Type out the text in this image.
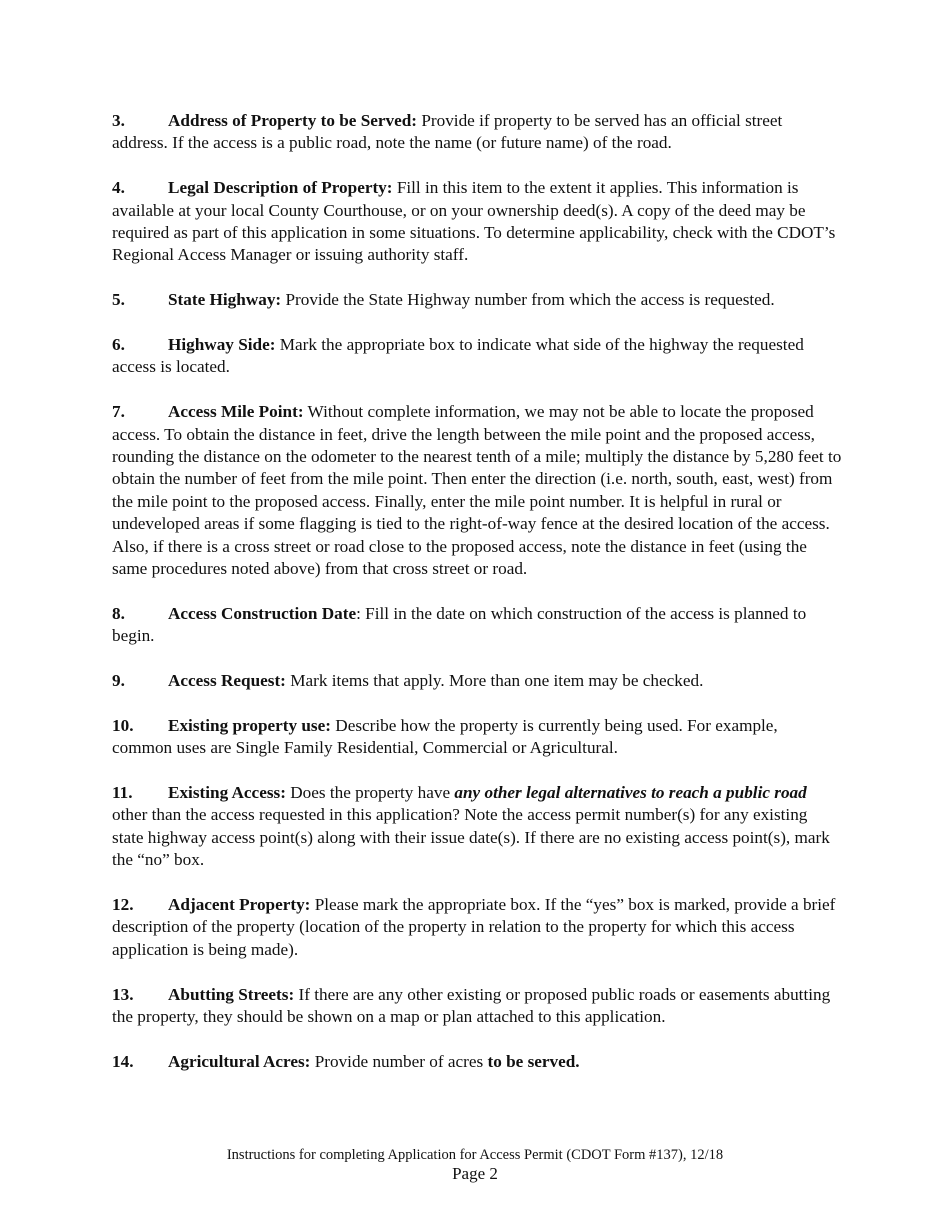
3.	Address of Property to be Served: Provide if property to be served has an official street address. If the access is a public road, note the name (or future name) of the road.

4.	Legal Description of Property: Fill in this item to the extent it applies. This information is available at your local County Courthouse, or on your ownership deed(s). A copy of the deed may be required as part of this application in some situations. To determine applicability, check with the CDOT’s Regional Access Manager or issuing authority staff.

5.	State Highway: Provide the State Highway number from which the access is requested.

6.	Highway Side: Mark the appropriate box to indicate what side of the highway the requested access is located.

7.	Access Mile Point: Without complete information, we may not be able to locate the proposed access. To obtain the distance in feet, drive the length between the mile point and the proposed access, rounding the distance on the odometer to the nearest tenth of a mile; multiply the distance by 5,280 feet to obtain the number of feet from the mile point. Then enter the direction (i.e. north, south, east, west) from the mile point to the proposed access. Finally, enter the mile point number. It is helpful in rural or undeveloped areas if some flagging is tied to the right-of-way fence at the desired location of the access. Also, if there is a cross street or road close to the proposed access, note the distance in feet (using the same procedures noted above) from that cross street or road.

8.	Access Construction Date: Fill in the date on which construction of the access is planned to begin.

9.	Access Request: Mark items that apply. More than one item may be checked.

10. Existing property use: Describe how the property is currently being used. For example, common uses are Single Family Residential, Commercial or Agricultural.

11. Existing Access: Does the property have any other legal alternatives to reach a public road other than the access requested in this application? Note the access permit number(s) for any existing state highway access point(s) along with their issue date(s). If there are no existing access point(s), mark the “no” box.

12. Adjacent Property: Please mark the appropriate box. If the “yes” box is marked, provide a brief description of the property (location of the property in relation to the property for which this access application is being made).

13. Abutting Streets: If there are any other existing or proposed public roads or easements abutting the property, they should be shown on a map or plan attached to this application.

14. Agricultural Acres: Provide number of acres to be served.

Instructions for completing Application for Access Permit (CDOT Form #137), 12/18
Page 2
